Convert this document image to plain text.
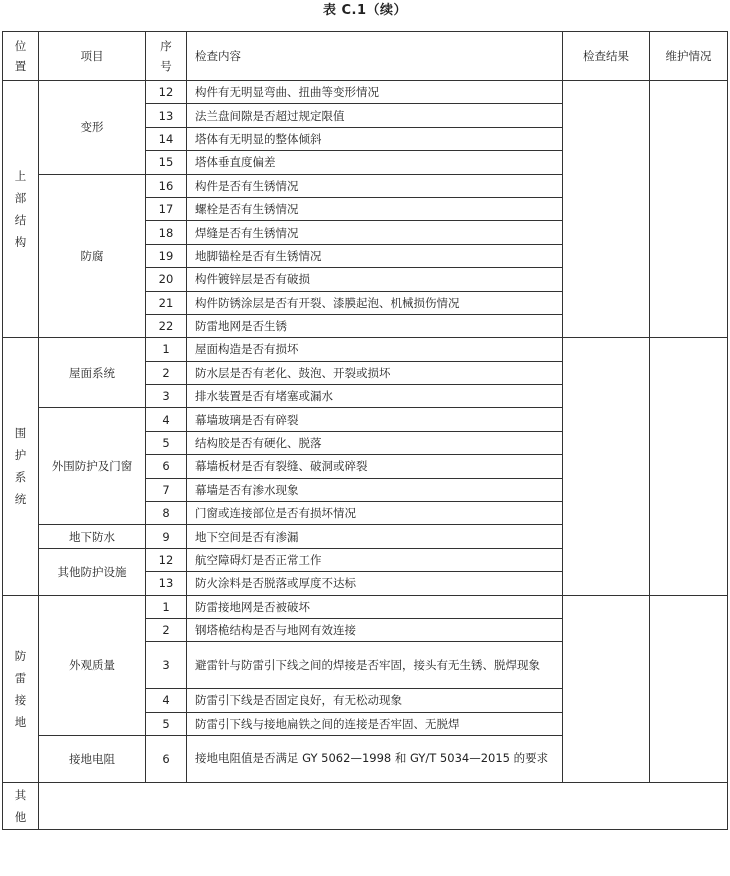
表 C.1（续）
位置	项目	序号	检查内容	检查结果	维护情况
上部结构	变形	12	构件有无明显弯曲、扭曲等变形情况		
		13	法兰盘间隙是否超过规定限值		
		14	塔体有无明显的整体倾斜		
		15	塔体垂直度偏差		
	防腐	16	构件是否有生锈情况		
		17	螺栓是否有生锈情况		
		18	焊缝是否有生锈情况		
		19	地脚锚栓是否有生锈情况		
		20	构件镀锌层是否有破损		
		21	构件防锈涂层是否有开裂、漆膜起泡、机械损伤情况		
		22	防雷地网是否生锈		
围护系统	屋面系统	1	屋面构造是否有损坏		
		2	防水层是否有老化、鼓泡、开裂或损坏		
		3	排水装置是否有堵塞或漏水		
	外围防护及门窗	4	幕墙玻璃是否有碎裂		
		5	结构胶是否有硬化、脱落		
		6	幕墙板材是否有裂缝、破洞或碎裂		
		7	幕墙是否有渗水现象		
		8	门窗或连接部位是否有损坏情况		
	地下防水	9	地下空间是否有渗漏		
	其他防护设施	12	航空障碍灯是否正常工作		
		13	防火涂料是否脱落或厚度不达标		
防雷接地	外观质量	1	防雷接地网是否被破坏		
		2	钢塔桅结构是否与地网有效连接		
		3	避雷针与防雷引下线之间的焊接是否牢固，接头有无生锈、脱焊现象		
		4	防雷引下线是否固定良好，有无松动现象		
		5	防雷引下线与接地扁铁之间的连接是否牢固、无脱焊		
	接地电阻	6	接地电阻值是否满足 GY 5062—1998 和 GY/T 5034—2015 的要求		
其他					
